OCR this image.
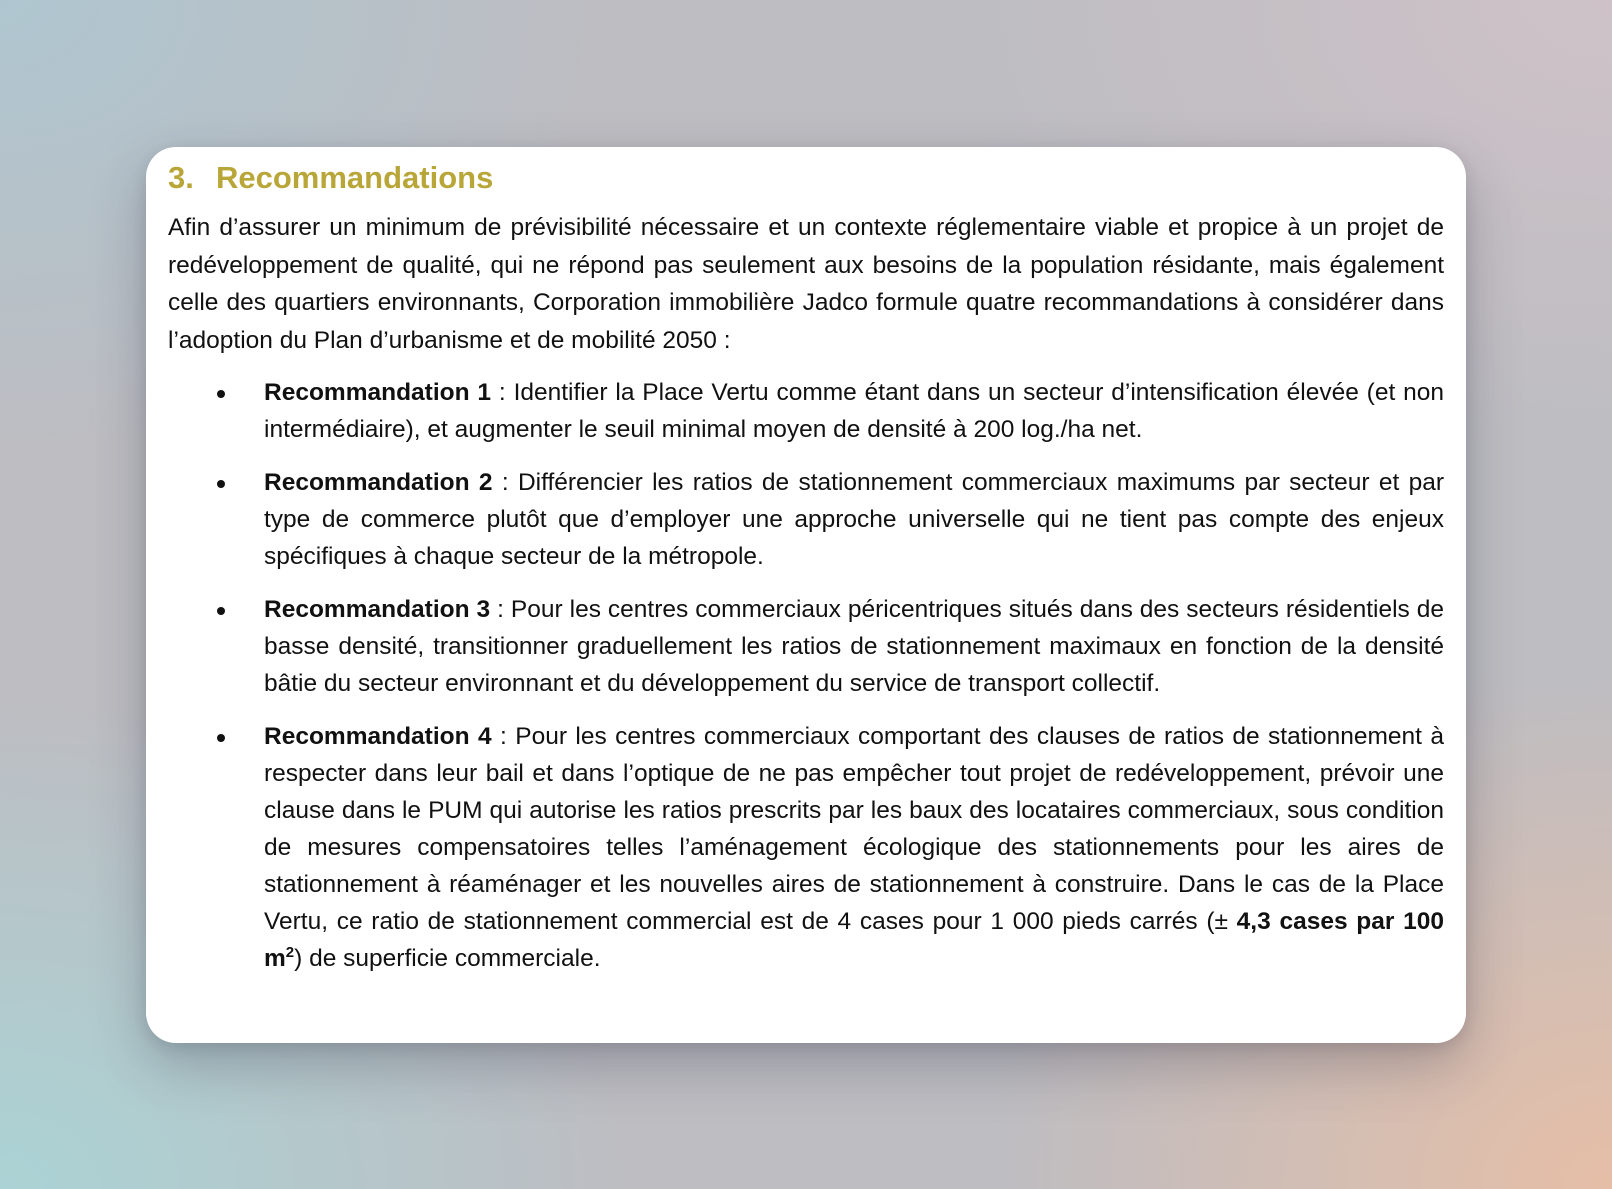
3. Recommandations

Afin d’assurer un minimum de prévisibilité nécessaire et un contexte réglementaire viable et propice à un projet de redéveloppement de qualité, qui ne répond pas seulement aux besoins de la population résidante, mais également celle des quartiers environnants, Corporation immobilière Jadco formule quatre recommandations à considérer dans l’adoption du Plan d’urbanisme et de mobilité 2050 :

Recommandation 1 : Identifier la Place Vertu comme étant dans un secteur d’intensification élevée (et non intermédiaire), et augmenter le seuil minimal moyen de densité à 200 log./ha net.

Recommandation 2 : Différencier les ratios de stationnement commerciaux maximums par secteur et par type de commerce plutôt que d’employer une approche universelle qui ne tient pas compte des enjeux spécifiques à chaque secteur de la métropole.

Recommandation 3 : Pour les centres commerciaux péricentriques situés dans des secteurs résidentiels de basse densité, transitionner graduellement les ratios de stationnement maximaux en fonction de la densité bâtie du secteur environnant et du développement du service de transport collectif.

Recommandation 4 : Pour les centres commerciaux comportant des clauses de ratios de stationnement à respecter dans leur bail et dans l’optique de ne pas empêcher tout projet de redéveloppement, prévoir une clause dans le PUM qui autorise les ratios prescrits par les baux des locataires commerciaux, sous condition de mesures compensatoires telles l’aménagement écologique des stationnements pour les aires de stationnement à réaménager et les nouvelles aires de stationnement à construire. Dans le cas de la Place Vertu, ce ratio de stationnement commercial est de 4 cases pour 1 000 pieds carrés (± 4,3 cases par 100 $m^2$) de superficie commerciale.
